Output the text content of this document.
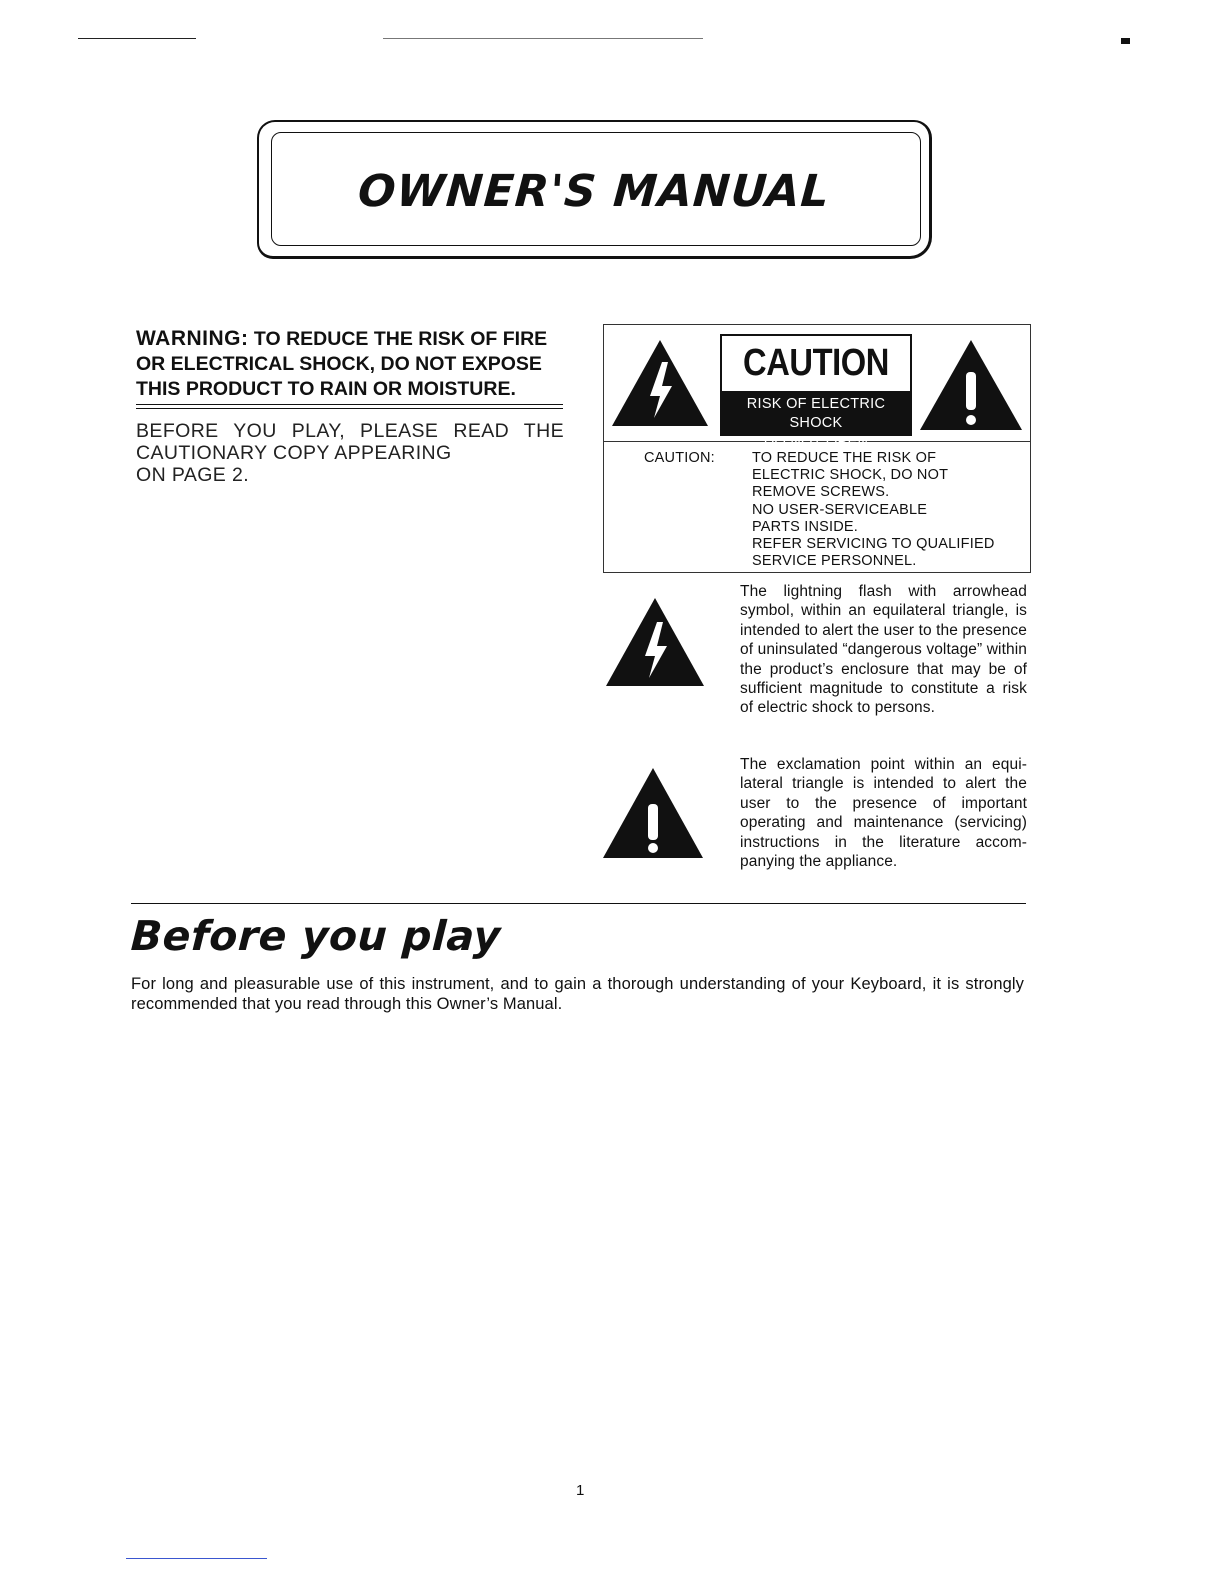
OWNER'S MANUAL
WARNING: TO REDUCE THE RISK OF FIRE
OR ELECTRICAL SHOCK, DO NOT EXPOSE
THIS PRODUCT TO RAIN OR MOISTURE.
BEFORE YOU PLAY, PLEASE READ THE
CAUTIONARY COPY APPEARING
ON PAGE 2.
CAUTION
RISK OF ELECTRIC SHOCK
DO NOT OPEN
CAUTION:	TO REDUCE THE RISK OF
ELECTRIC SHOCK, DO NOT
REMOVE SCREWS.
NO USER-SERVICEABLE
PARTS INSIDE.
REFER SERVICING TO QUALIFIED
SERVICE PERSONNEL.
The lightning flash with arrowhead symbol, within an equilateral triangle, is intended to alert the user to the presence of uninsulated “dangerous voltage” within the product’s enclosure that may be of sufficient magnitude to constitute a risk of electric shock to persons.
The exclamation point within an equi-lateral triangle is intended to alert the user to the presence of important operating and maintenance (servicing) instructions in the literature accom-panying the appliance.
Before you play
For long and pleasurable use of this instrument, and to gain a thorough understanding of your Keyboard, it is strongly recommended that you read through this Owner’s Manual.
1
